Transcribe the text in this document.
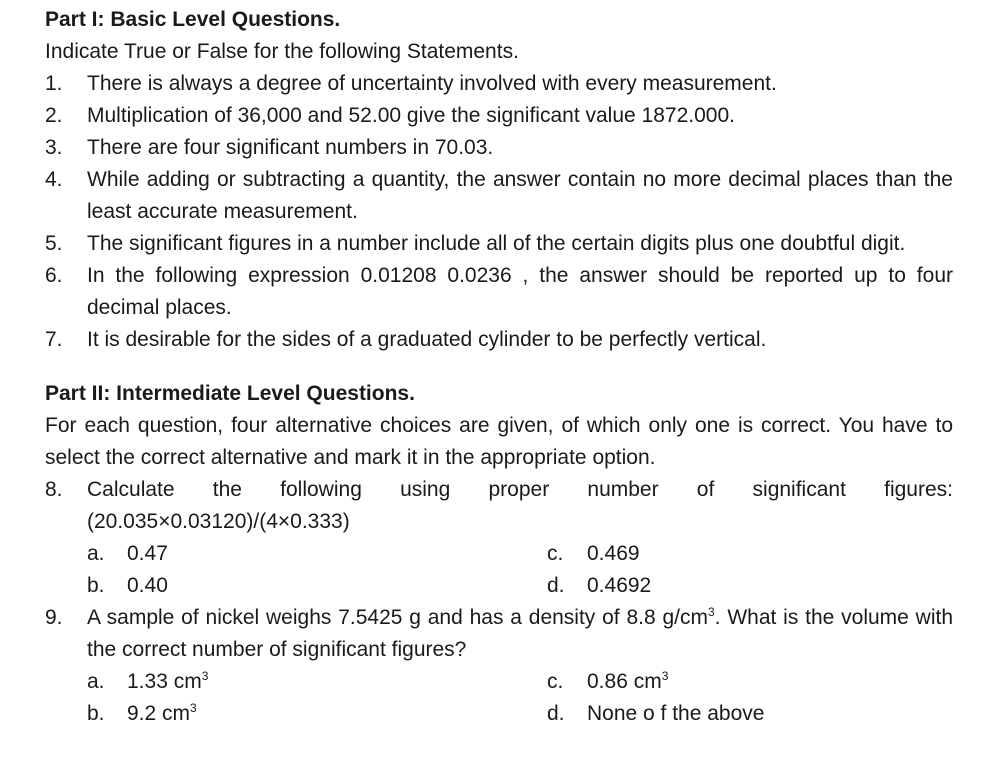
Part I: Basic Level Questions.
Indicate True or False for the following Statements.
1.	There is always a degree of uncertainty involved with every measurement.
2.	Multiplication of 36,000 and 52.00 give the significant value 1872.000.
3.	There are four significant numbers in 70.03.
4.	While adding or subtracting a quantity, the answer contain no more decimal places than the least accurate measurement.
5.	The significant figures in a number include all of the certain digits plus one doubtful digit.
6.	In the following expression 0.01208 0.0236 , the answer should be reported up to four decimal places.
7.	It is desirable for the sides of a graduated cylinder to be perfectly vertical.
Part II: Intermediate Level Questions.
For each question, four alternative choices are given, of which only one is correct. You have to select the correct alternative and mark it in the appropriate option.
8.	Calculate the following using proper number of significant figures:
(20.035×0.03120)/(4×0.333)
a.	0.47	c.	0.469
b.	0.40	d.	0.4692
9.	A sample of nickel weighs 7.5425 g and has a density of 8.8 $g/cm^3$. What is the volume with the correct number of significant figures?
a.	1.33 $cm^3$	c.	0.86 $cm^3$
b.	9.2 $cm^3$	d.	None o f the above
